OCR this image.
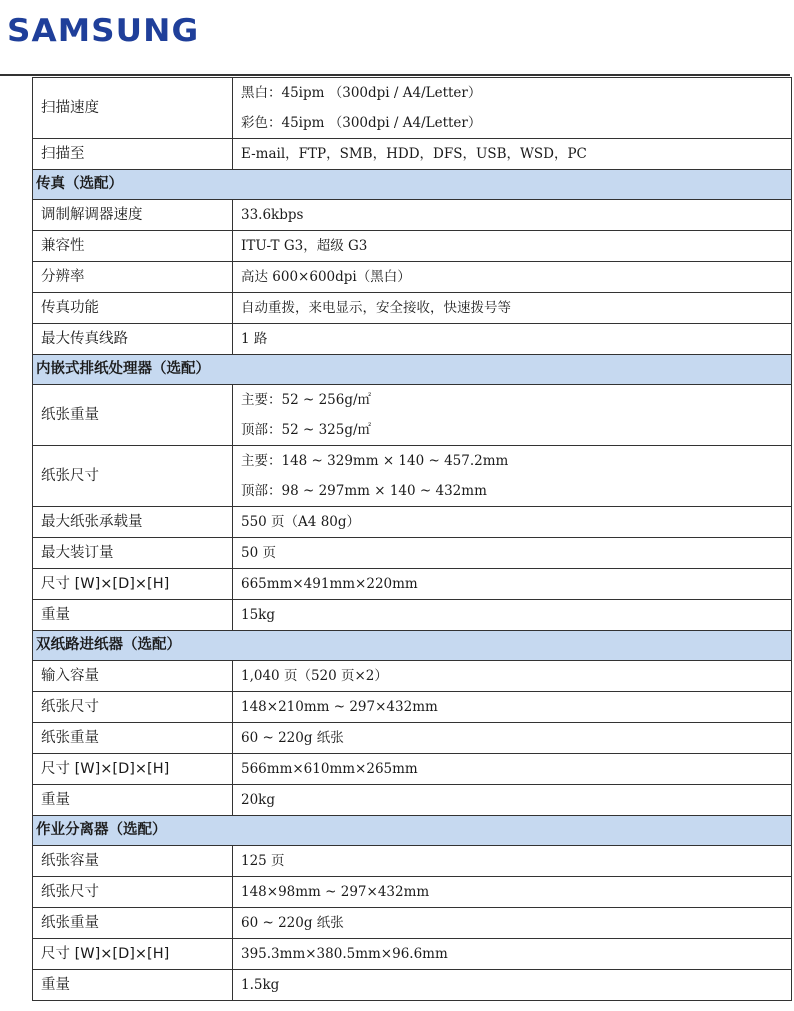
SAMSUNG
扫描速度	黑白：45ipm （300dpi / A4/Letter）
彩色：45ipm （300dpi / A4/Letter）

扫描至	E-mail，FTP，SMB，HDD，DFS，USB，WSD，PC

传真（选配）	
调制解调器速度	33.6kbps

兼容性	ITU-T G3，超级 G3

分辨率	高达 600×600dpi（黑白）

传真功能	自动重拨，来电显示，安全接收，快速拨号等

最大传真线路	1 路

内嵌式排纸处理器（选配）	
纸张重量	主要：52 ~ 256g/㎡
顶部：52 ~ 325g/㎡

纸张尺寸	主要：148 ~ 329mm × 140 ~ 457.2mm
顶部：98 ~ 297mm × 140 ~ 432mm

最大纸张承载量	550 页（A4 80g）

最大装订量	50 页

尺寸 [W]×[D]×[H]	665mm×491mm×220mm

重量	15kg

双纸路进纸器（选配）	
输入容量	1,040 页（520 页×2）

纸张尺寸	148×210mm ~ 297×432mm

纸张重量	60 ~ 220g 纸张

尺寸 [W]×[D]×[H]	566mm×610mm×265mm

重量	20kg

作业分离器（选配）	
纸张容量	125 页

纸张尺寸	148×98mm ~ 297×432mm

纸张重量	60 ~ 220g 纸张

尺寸 [W]×[D]×[H]	395.3mm×380.5mm×96.6mm

重量	1.5kg
